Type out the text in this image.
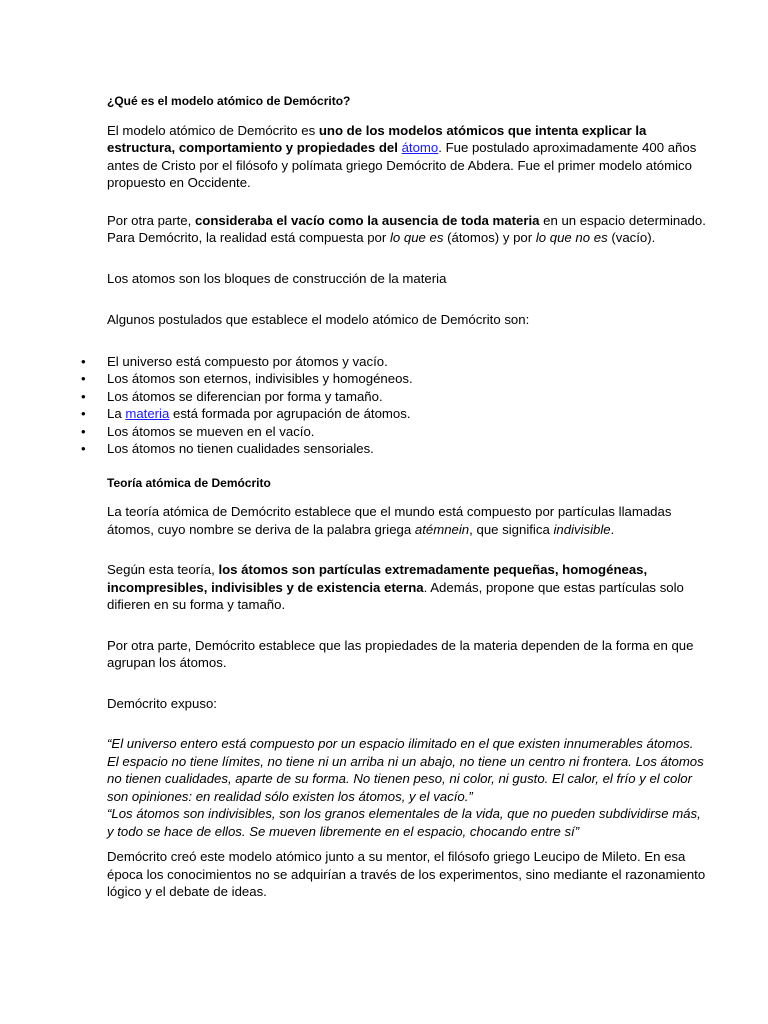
¿Qué es el modelo atómico de Demócrito?

El modelo atómico de Demócrito es uno de los modelos atómicos que intenta explicar la estructura, comportamiento y propiedades del átomo. Fue postulado aproximadamente 400 años antes de Cristo por el filósofo y polímata griego Demócrito de Abdera. Fue el primer modelo atómico propuesto en Occidente.

Por otra parte, consideraba el vacío como la ausencia de toda materia en un espacio determinado. Para Demócrito, la realidad está compuesta por lo que es (átomos) y por lo que no es (vacío).

Los atomos son los bloques de construcción de la materia

Algunos postulados que establece el modelo atómico de Demócrito son:

• El universo está compuesto por átomos y vacío.
• Los átomos son eternos, indivisibles y homogéneos.
• Los átomos se diferencian por forma y tamaño.
• La materia está formada por agrupación de átomos.
• Los átomos se mueven en el vacío.
• Los átomos no tienen cualidades sensoriales.

Teoría atómica de Demócrito

La teoría atómica de Demócrito establece que el mundo está compuesto por partículas llamadas átomos, cuyo nombre se deriva de la palabra griega atémnein, que significa indivisible.

Según esta teoría, los átomos son partículas extremadamente pequeñas, homogéneas, incompresibles, indivisibles y de existencia eterna. Además, propone que estas partículas solo difieren en su forma y tamaño.

Por otra parte, Demócrito establece que las propiedades de la materia dependen de la forma en que agrupan los átomos.

Demócrito expuso:

“El universo entero está compuesto por un espacio ilimitado en el que existen innumerables átomos. El espacio no tiene límites, no tiene ni un arriba ni un abajo, no tiene un centro ni frontera. Los átomos no tienen cualidades, aparte de su forma. No tienen peso, ni color, ni gusto. El calor, el frío y el color son opiniones: en realidad sólo existen los átomos, y el vacío.”

“Los átomos son indivisibles, son los granos elementales de la vida, que no pueden subdividirse más, y todo se hace de ellos. Se mueven libremente en el espacio, chocando entre sí”

Demócrito creó este modelo atómico junto a su mentor, el filósofo griego Leucipo de Mileto. En esa época los conocimientos no se adquirían a través de los experimentos, sino mediante el razonamiento lógico y el debate de ideas.
